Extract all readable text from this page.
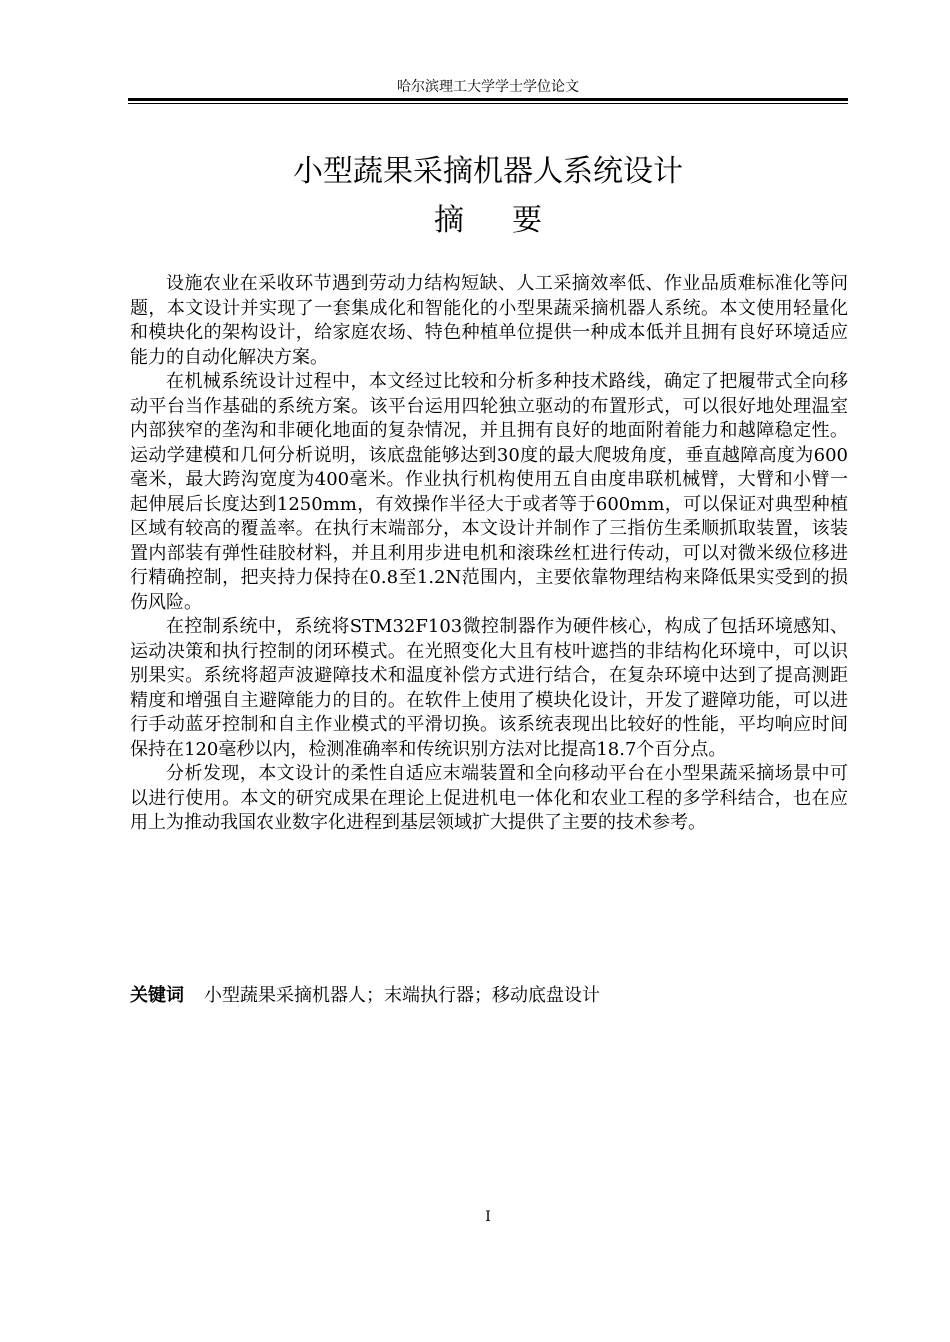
哈尔滨理工大学学士学位论文
小型蔬果采摘机器人系统设计
摘要

设施农业在采收环节遇到劳动力结构短缺、人工采摘效率低、作业品质难标准化等问题，本文设计并实现了一套集成化和智能化的小型果蔬采摘机器人系统。本文使用轻量化和模块化的架构设计，给家庭农场、特色种植单位提供一种成本低并且拥有良好环境适应能力的自动化解决方案。

在机械系统设计过程中，本文经过比较和分析多种技术路线，确定了把履带式全向移动平台当作基础的系统方案。该平台运用四轮独立驱动的布置形式，可以很好地处理温室内部狭窄的垄沟和非硬化地面的复杂情况，并且拥有良好的地面附着能力和越障稳定性。运动学建模和几何分析说明，该底盘能够达到30度的最大爬坡角度，垂直越障高度为600毫米，最大跨沟宽度为400毫米。作业执行机构使用五自由度串联机械臂，大臂和小臂一起伸展后长度达到1250mm，有效操作半径大于或者等于600mm，可以保证对典型种植区域有较高的覆盖率。在执行末端部分，本文设计并制作了三指仿生柔顺抓取装置，该装置内部装有弹性硅胶材料，并且利用步进电机和滚珠丝杠进行传动，可以对微米级位移进行精确控制，把夹持力保持在0.8至1.2N范围内，主要依靠物理结构来降低果实受到的损伤风险。

在控制系统中，系统将STM32F103微控制器作为硬件核心，构成了包括环境感知、运动决策和执行控制的闭环模式。在光照变化大且有枝叶遮挡的非结构化环境中，可以识别果实。系统将超声波避障技术和温度补偿方式进行结合，在复杂环境中达到了提高测距精度和增强自主避障能力的目的。在软件上使用了模块化设计，开发了避障功能，可以进行手动蓝牙控制和自主作业模式的平滑切换。该系统表现出比较好的性能，平均响应时间保持在120毫秒以内，检测准确率和传统识别方法对比提高18.7个百分点。

分析发现，本文设计的柔性自适应末端装置和全向移动平台在小型果蔬采摘场景中可以进行使用。本文的研究成果在理论上促进机电一体化和农业工程的多学科结合，也在应用上为推动我国农业数字化进程到基层领域扩大提供了主要的技术参考。

关键词 小型蔬果采摘机器人；末端执行器；移动底盘设计
I
